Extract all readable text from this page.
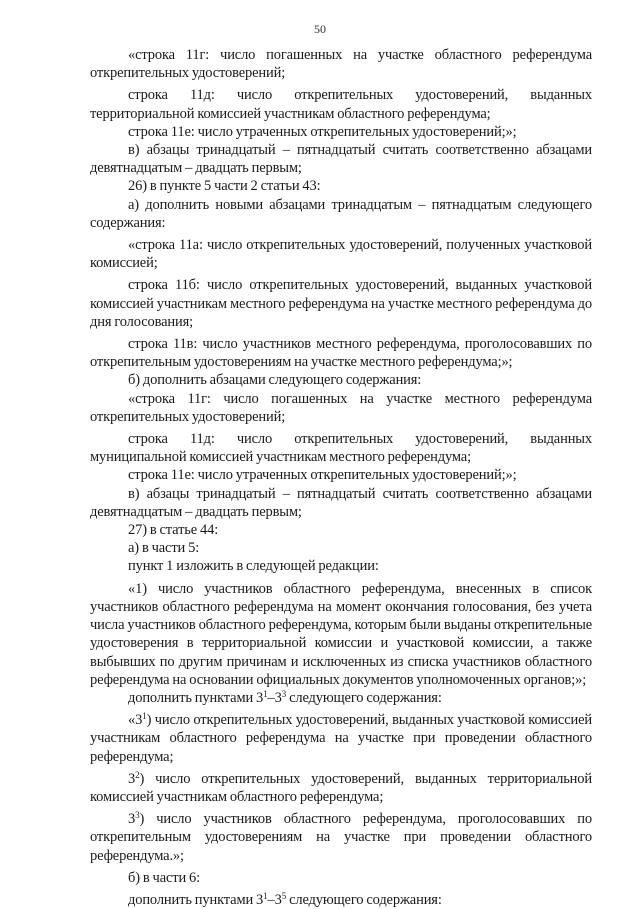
50

«строка 11г: число погашенных на участке областного референдума открепительных удостоверений;

строка 11д: число открепительных удостоверений, выданных территориальной комиссией участникам областного референдума;

строка 11е: число утраченных открепительных удостоверений;»;

в) абзацы тринадцатый – пятнадцатый считать соответственно абзацами девятнадцатым – двадцать первым;

26) в пункте 5 части 2 статьи 43:

а) дополнить новыми абзацами тринадцатым – пятнадцатым следующего содержания:

«строка 11а: число открепительных удостоверений, полученных участковой комиссией;

строка 11б: число открепительных удостоверений, выданных участковой комиссией участникам местного референдума на участке местного референдума до дня голосования;

строка 11в: число участников местного референдума, проголосовавших по открепительным удостоверениям на участке местного референдума;»;

б) дополнить абзацами следующего содержания:

«строка 11г: число погашенных на участке местного референдума открепительных удостоверений;

строка 11д: число открепительных удостоверений, выданных муниципальной комиссией участникам местного референдума;

строка 11е: число утраченных открепительных удостоверений;»;

в) абзацы тринадцатый – пятнадцатый считать соответственно абзацами девятнадцатым – двадцать первым;

27) в статье 44:

а) в части 5:

пункт 1 изложить в следующей редакции:

«1) число участников областного референдума, внесенных в список участников областного референдума на момент окончания голосования, без учета числа участников областного референдума, которым были выданы открепительные удостоверения в территориальной комиссии и участковой комиссии, а также выбывших по другим причинам и исключенных из списка участников областного референдума на основании официальных документов уполномоченных органов;»;

дополнить пунктами $3^1-3^3$ следующего содержания:

«$3^1$) число открепительных удостоверений, выданных участковой комиссией участникам областного референдума на участке при проведении областного референдума;

$3^2$) число открепительных удостоверений, выданных территориальной комиссией участникам областного референдума;

$3^3$) число участников областного референдума, проголосовавших по открепительным удостоверениям на участке при проведении областного референдума.»;

б) в части 6:

дополнить пунктами $3^1-3^5$ следующего содержания:
